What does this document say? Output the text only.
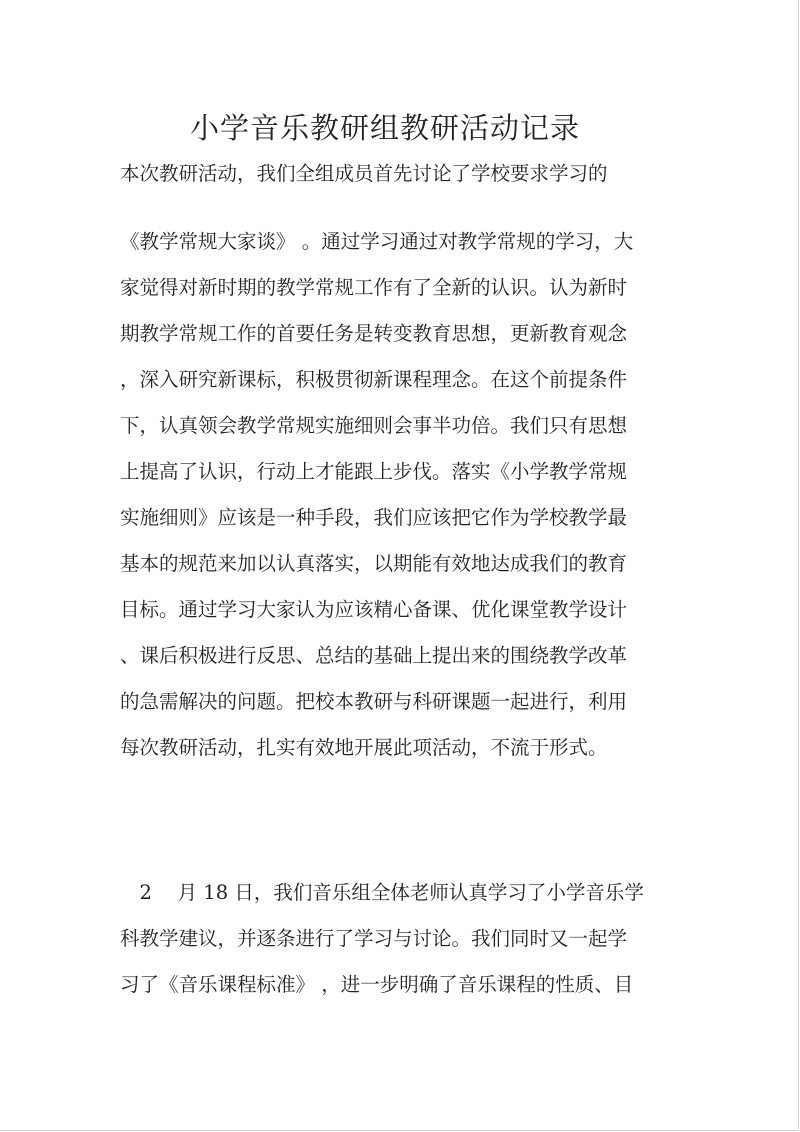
小学音乐教研组教研活动记录
本次教研活动，我们全组成员首先讨论了学校要求学习的
《教学常规大家谈》 。通过学习通过对教学常规的学习，大
家觉得对新时期的教学常规工作有了全新的认识。认为新时
期教学常规工作的首要任务是转变教育思想，更新教育观念
，深入研究新课标，积极贯彻新课程理念。在这个前提条件
下，认真领会教学常规实施细则会事半功倍。我们只有思想
上提高了认识，行动上才能跟上步伐。落实《小学教学常规
实施细则》应该是一种手段，我们应该把它作为学校教学最
基本的规范来加以认真落实，以期能有效地达成我们的教育
目标。通过学习大家认为应该精心备课、优化课堂教学设计
、课后积极进行反思、总结的基础上提出来的围绕教学改革
的急需解决的问题。把校本教研与科研课题一起进行，利用
每次教研活动，扎实有效地开展此项活动，不流于形式。
　2　 月 18 日，我们音乐组全体老师认真学习了小学音乐学
科教学建议，并逐条进行了学习与讨论。我们同时又一起学
习了《音乐课程标准》 ，进一步明确了音乐课程的性质、目
